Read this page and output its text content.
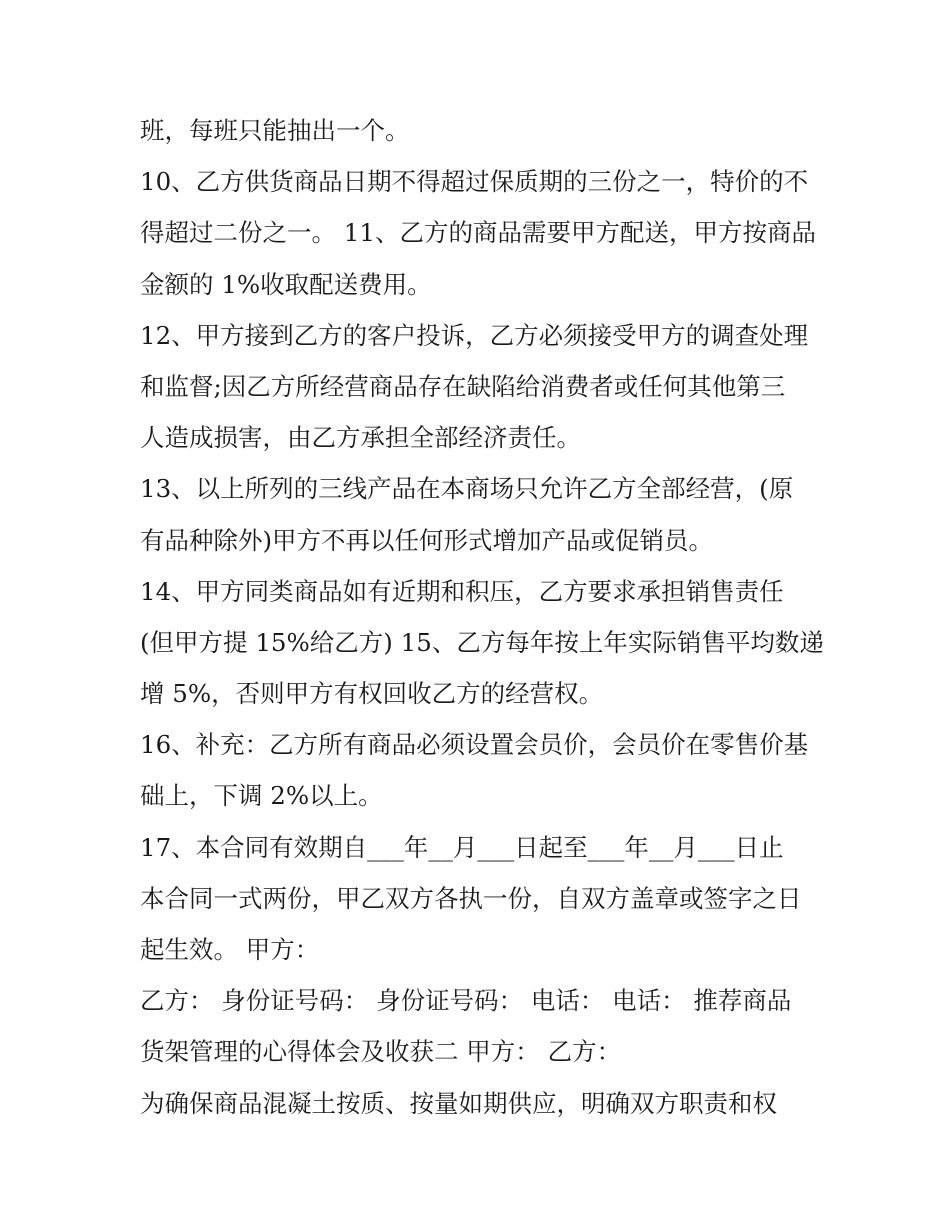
班，每班只能抽出一个。
10、乙方供货商品日期不得超过保质期的三份之一，特价的不
得超过二份之一。 11、乙方的商品需要甲方配送，甲方按商品
金额的 1%收取配送费用。
12、甲方接到乙方的客户投诉，乙方必须接受甲方的调查处理
和监督;因乙方所经营商品存在缺陷给消费者或任何其他第三
人造成损害，由乙方承担全部经济责任。
13、以上所列的三线产品在本商场只允许乙方全部经营，(原
有品种除外)甲方不再以任何形式增加产品或促销员。
14、甲方同类商品如有近期和积压，乙方要求承担销售责任
(但甲方提 15%给乙方) 15、乙方每年按上年实际销售平均数递
增 5%，否则甲方有权回收乙方的经营权。
16、补充：乙方所有商品必须设置会员价，会员价在零售价基
础上，下调 2%以上。
17、本合同有效期自___年__月___日起至___年__月___日止
本合同一式两份，甲乙双方各执一份，自双方盖章或签字之日
起生效。 甲方：
乙方： 身份证号码： 身份证号码： 电话： 电话： 推荐商品
货架管理的心得体会及收获二 甲方： 乙方：
为确保商品混凝土按质、按量如期供应，明确双方职责和权
